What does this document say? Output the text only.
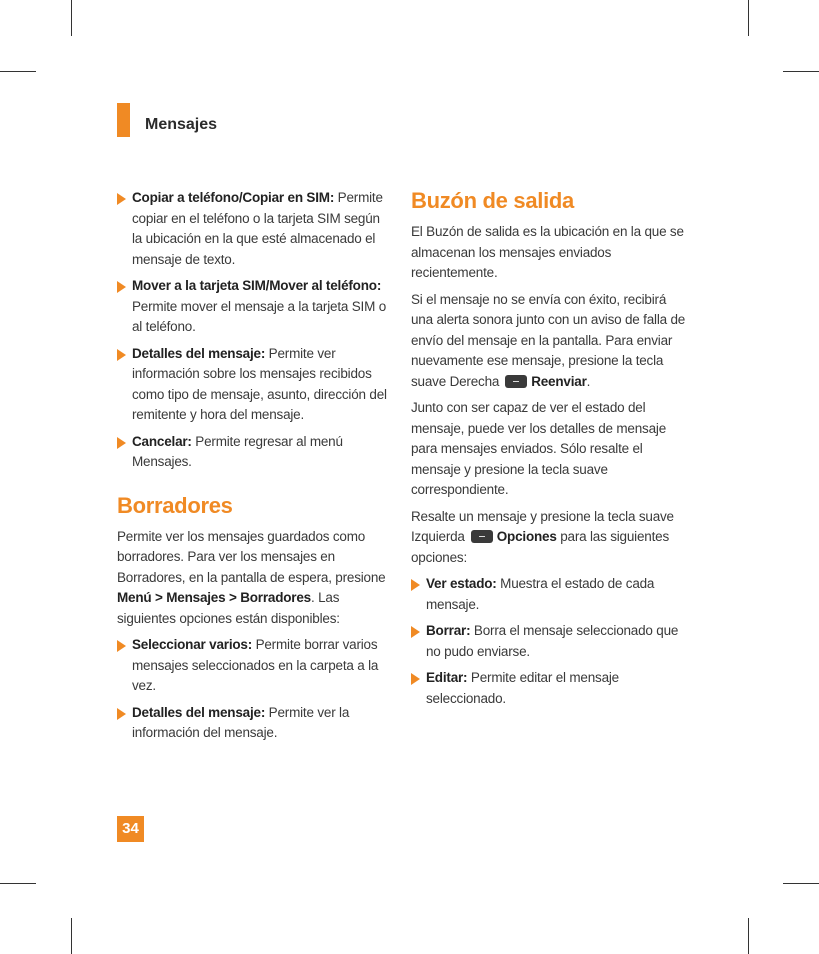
Mensajes
Copiar a teléfono/Copiar en SIM: Permite copiar en el teléfono o la tarjeta SIM según la ubicación en la que esté almacenado el mensaje de texto.
Mover a la tarjeta SIM/Mover al teléfono: Permite mover el mensaje a la tarjeta SIM o al teléfono.
Detalles del mensaje: Permite ver información sobre los mensajes recibidos como tipo de mensaje, asunto, dirección del remitente y hora del mensaje.
Cancelar: Permite regresar al menú Mensajes.
Borradores

Permite ver los mensajes guardados como borradores. Para ver los mensajes en Borradores, en la pantalla de espera, presione Menú > Mensajes > Borradores. Las siguientes opciones están disponibles:

Seleccionar varios: Permite borrar varios mensajes seleccionados en la carpeta a la vez.
Detalles del mensaje: Permite ver la información del mensaje.
Buzón de salida

El Buzón de salida es la ubicación en la que se almacenan los mensajes enviados recientemente.

Si el mensaje no se envía con éxito, recibirá una alerta sonora junto con un aviso de falla de envío del mensaje en la pantalla. Para enviar nuevamente ese mensaje, presione la tecla suave Derecha Reenviar.

Junto con ser capaz de ver el estado del mensaje, puede ver los detalles de mensaje para mensajes enviados. Sólo resalte el mensaje y presione la tecla suave correspondiente.

Resalte un mensaje y presione la tecla suave Izquierda Opciones para las siguientes opciones:

Ver estado: Muestra el estado de cada mensaje.
Borrar: Borra el mensaje seleccionado que no pudo enviarse.
Editar: Permite editar el mensaje seleccionado.
34
